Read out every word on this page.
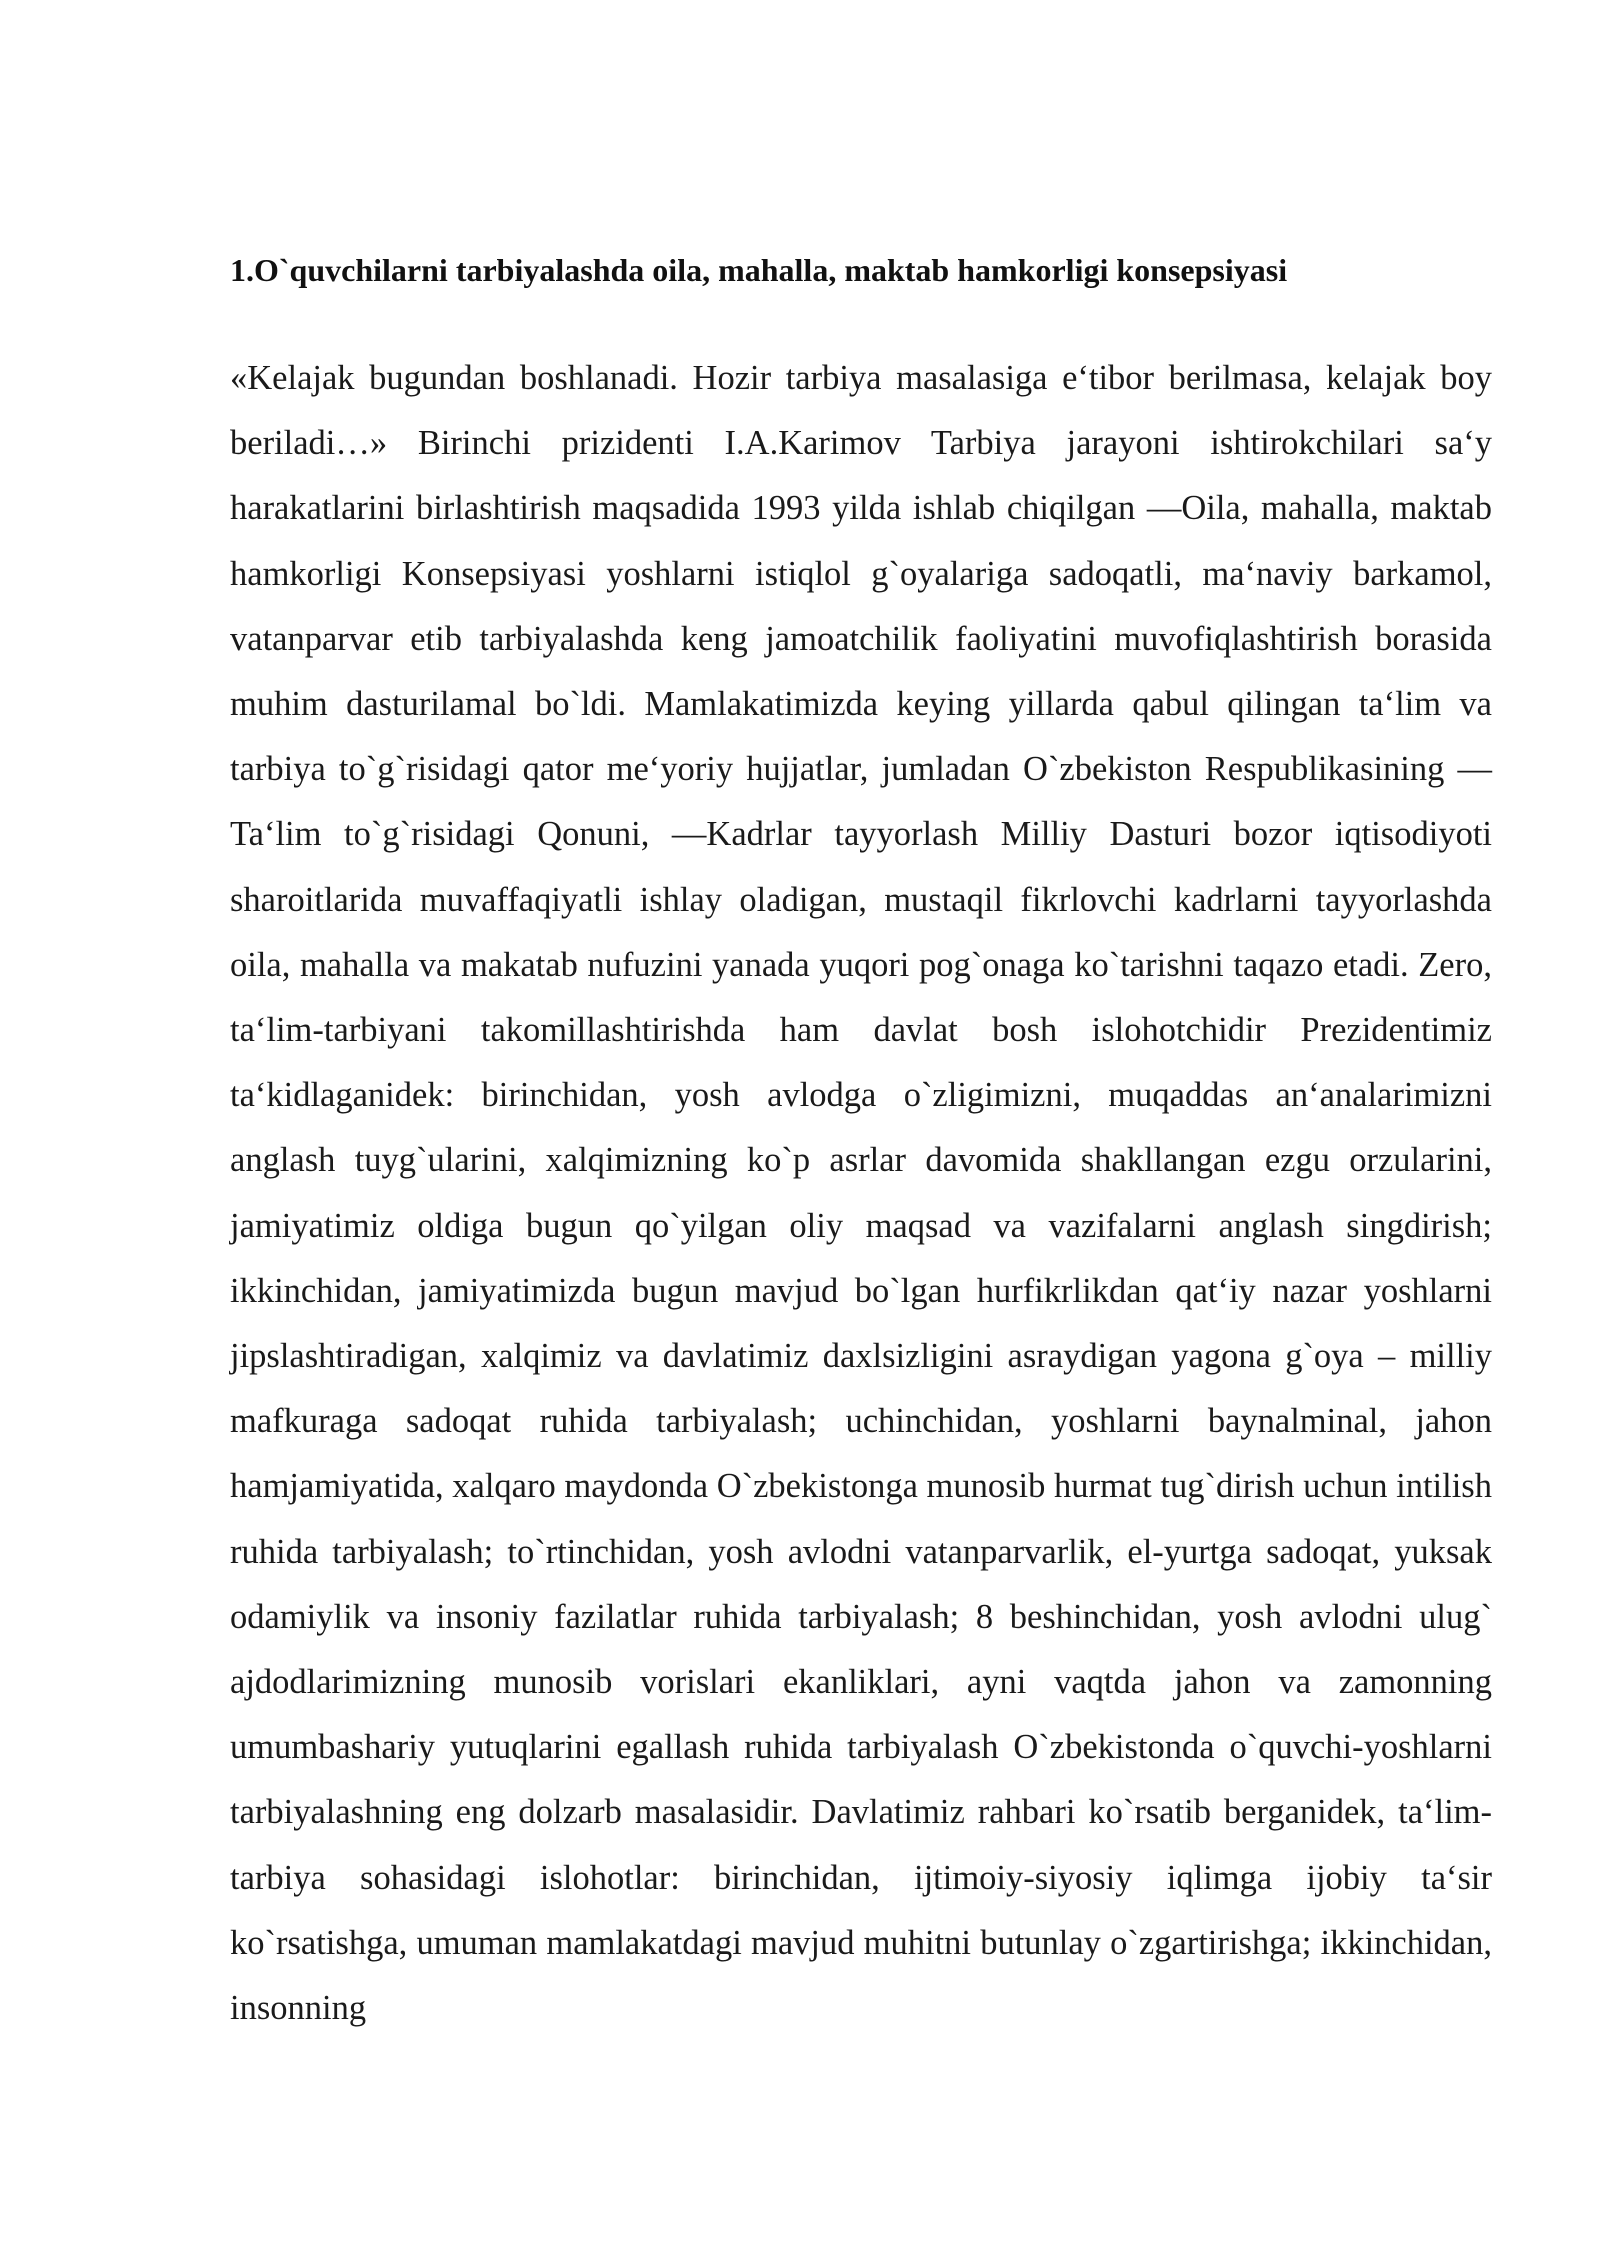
1.O`quvchilarni tarbiyalashda oila, mahalla, maktab hamkorligi konsepsiyasi

«Kelajak bugundan boshlanadi. Hozir tarbiya masalasiga e‘tibor berilmasa, kelajak boy beriladi…» Birinchi prizidenti I.A.Karimov Tarbiya jarayoni ishtirokchilari sa‘y harakatlarini birlashtirish maqsadida 1993 yilda ishlab chiqilgan —Oila, mahalla, maktab hamkorligi Konsepsiyasi yoshlarni istiqlol g`oyalariga sadoqatli, ma‘naviy barkamol, vatanparvar etib tarbiyalashda keng jamoatchilik faoliyatini muvofiqlashtirish borasida muhim dasturilamal bo`ldi. Mamlakatimizda keying yillarda qabul qilingan ta‘lim va tarbiya to`g`risidagi qator me‘yoriy hujjatlar, jumladan O`zbekiston Respublikasining —Ta‘lim to`g`risidagi Qonuni, —Kadrlar tayyorlash Milliy Dasturi bozor iqtisodiyoti sharoitlarida muvaffaqiyatli ishlay oladigan, mustaqil fikrlovchi kadrlarni tayyorlashda oila, mahalla va makatab nufuzini yanada yuqori pog`onaga ko`tarishni taqazo etadi. Zero, ta‘lim-tarbiyani takomillashtirishda ham davlat bosh islohotchidir Prezidentimiz ta‘kidlaganidek: birinchidan, yosh avlodga o`zligimizni, muqaddas an‘analarimizni anglash tuyg`ularini, xalqimizning ko`p asrlar davomida shakllangan ezgu orzularini, jamiyatimiz oldiga bugun qo`yilgan oliy maqsad va vazifalarni anglash singdirish; ikkinchidan, jamiyatimizda bugun mavjud bo`lgan hurfikrlikdan qat‘iy nazar yoshlarni jipslashtiradigan, xalqimiz va davlatimiz daxlsizligini asraydigan yagona g`oya – milliy mafkuraga sadoqat ruhida tarbiyalash; uchinchidan, yoshlarni baynalminal, jahon hamjamiyatida, xalqaro maydonda O`zbekistonga munosib hurmat tug`dirish uchun intilish ruhida tarbiyalash; to`rtinchidan, yosh avlodni vatanparvarlik, el-yurtga sadoqat, yuksak odamiylik va insoniy fazilatlar ruhida tarbiyalash; 8 beshinchidan, yosh avlodni ulug` ajdodlarimizning munosib vorislari ekanliklari, ayni vaqtda jahon va zamonning umumbashariy yutuqlarini egallash ruhida tarbiyalash O`zbekistonda o`quvchi-yoshlarni tarbiyalashning eng dolzarb masalasidir. Davlatimiz rahbari ko`rsatib berganidek, ta‘lim-tarbiya sohasidagi islohotlar: birinchidan, ijtimoiy-siyosiy iqlimga ijobiy ta‘sir ko`rsatishga, umuman mamlakatdagi mavjud muhitni butunlay o`zgartirishga; ikkinchidan, insonning
